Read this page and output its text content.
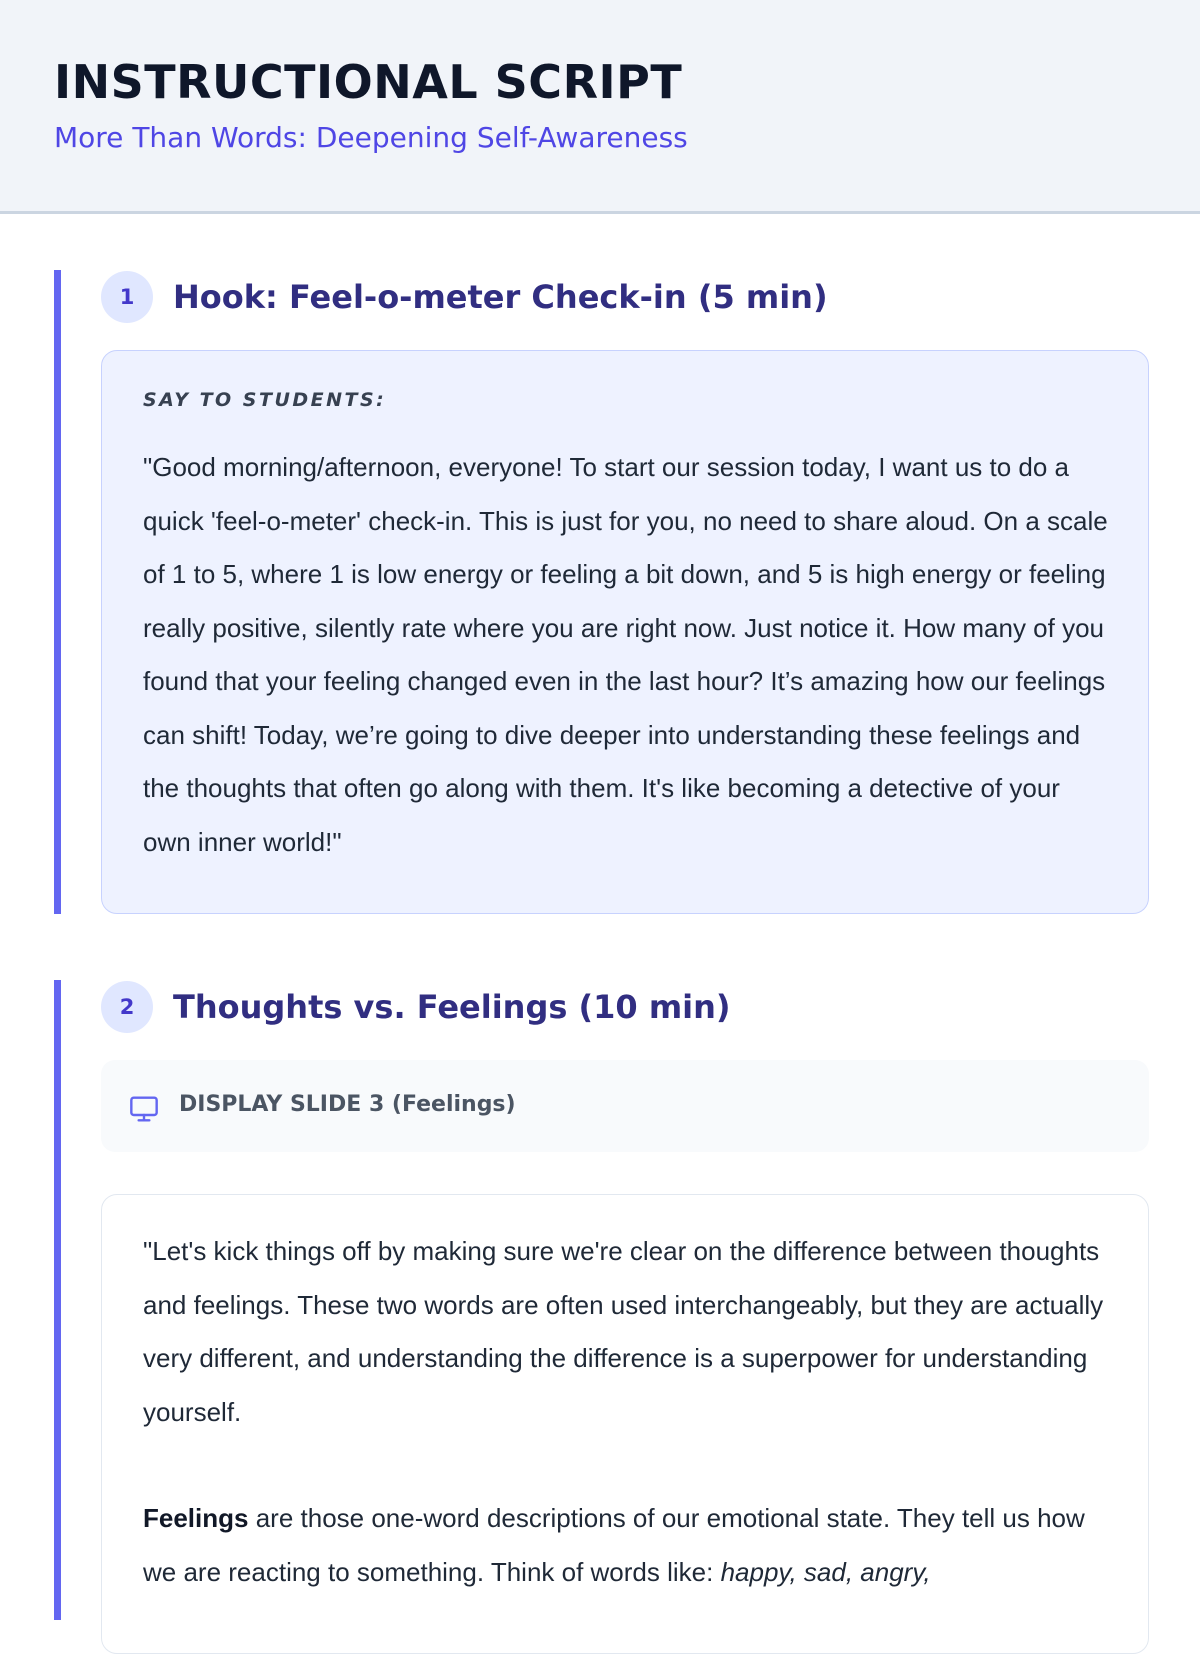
INSTRUCTIONAL SCRIPT
More Than Words: Deepening Self-Awareness
1	Hook: Feel-o-meter Check-in (5 min)
SAY TO STUDENTS:
"Good morning/afternoon, everyone! To start our session today, I want us to do a quick 'feel-o-meter' check-in. This is just for you, no need to share aloud. On a scale of 1 to 5, where 1 is low energy or feeling a bit down, and 5 is high energy or feeling really positive, silently rate where you are right now. Just notice it. How many of you found that your feeling changed even in the last hour? It’s amazing how our feelings can shift! Today, we’re going to dive deeper into understanding these feelings and the thoughts that often go along with them. It's like becoming a detective of your own inner world!"
2	Thoughts vs. Feelings (10 min)
DISPLAY SLIDE 3 (Feelings)

"Let's kick things off by making sure we're clear on the difference between thoughts and feelings. These two words are often used interchangeably, but they are actually very different, and understanding the difference is a superpower for understanding yourself.

Feelings are those one-word descriptions of our emotional state. They tell us how we are reacting to something. Think of words like: happy, sad, angry,
